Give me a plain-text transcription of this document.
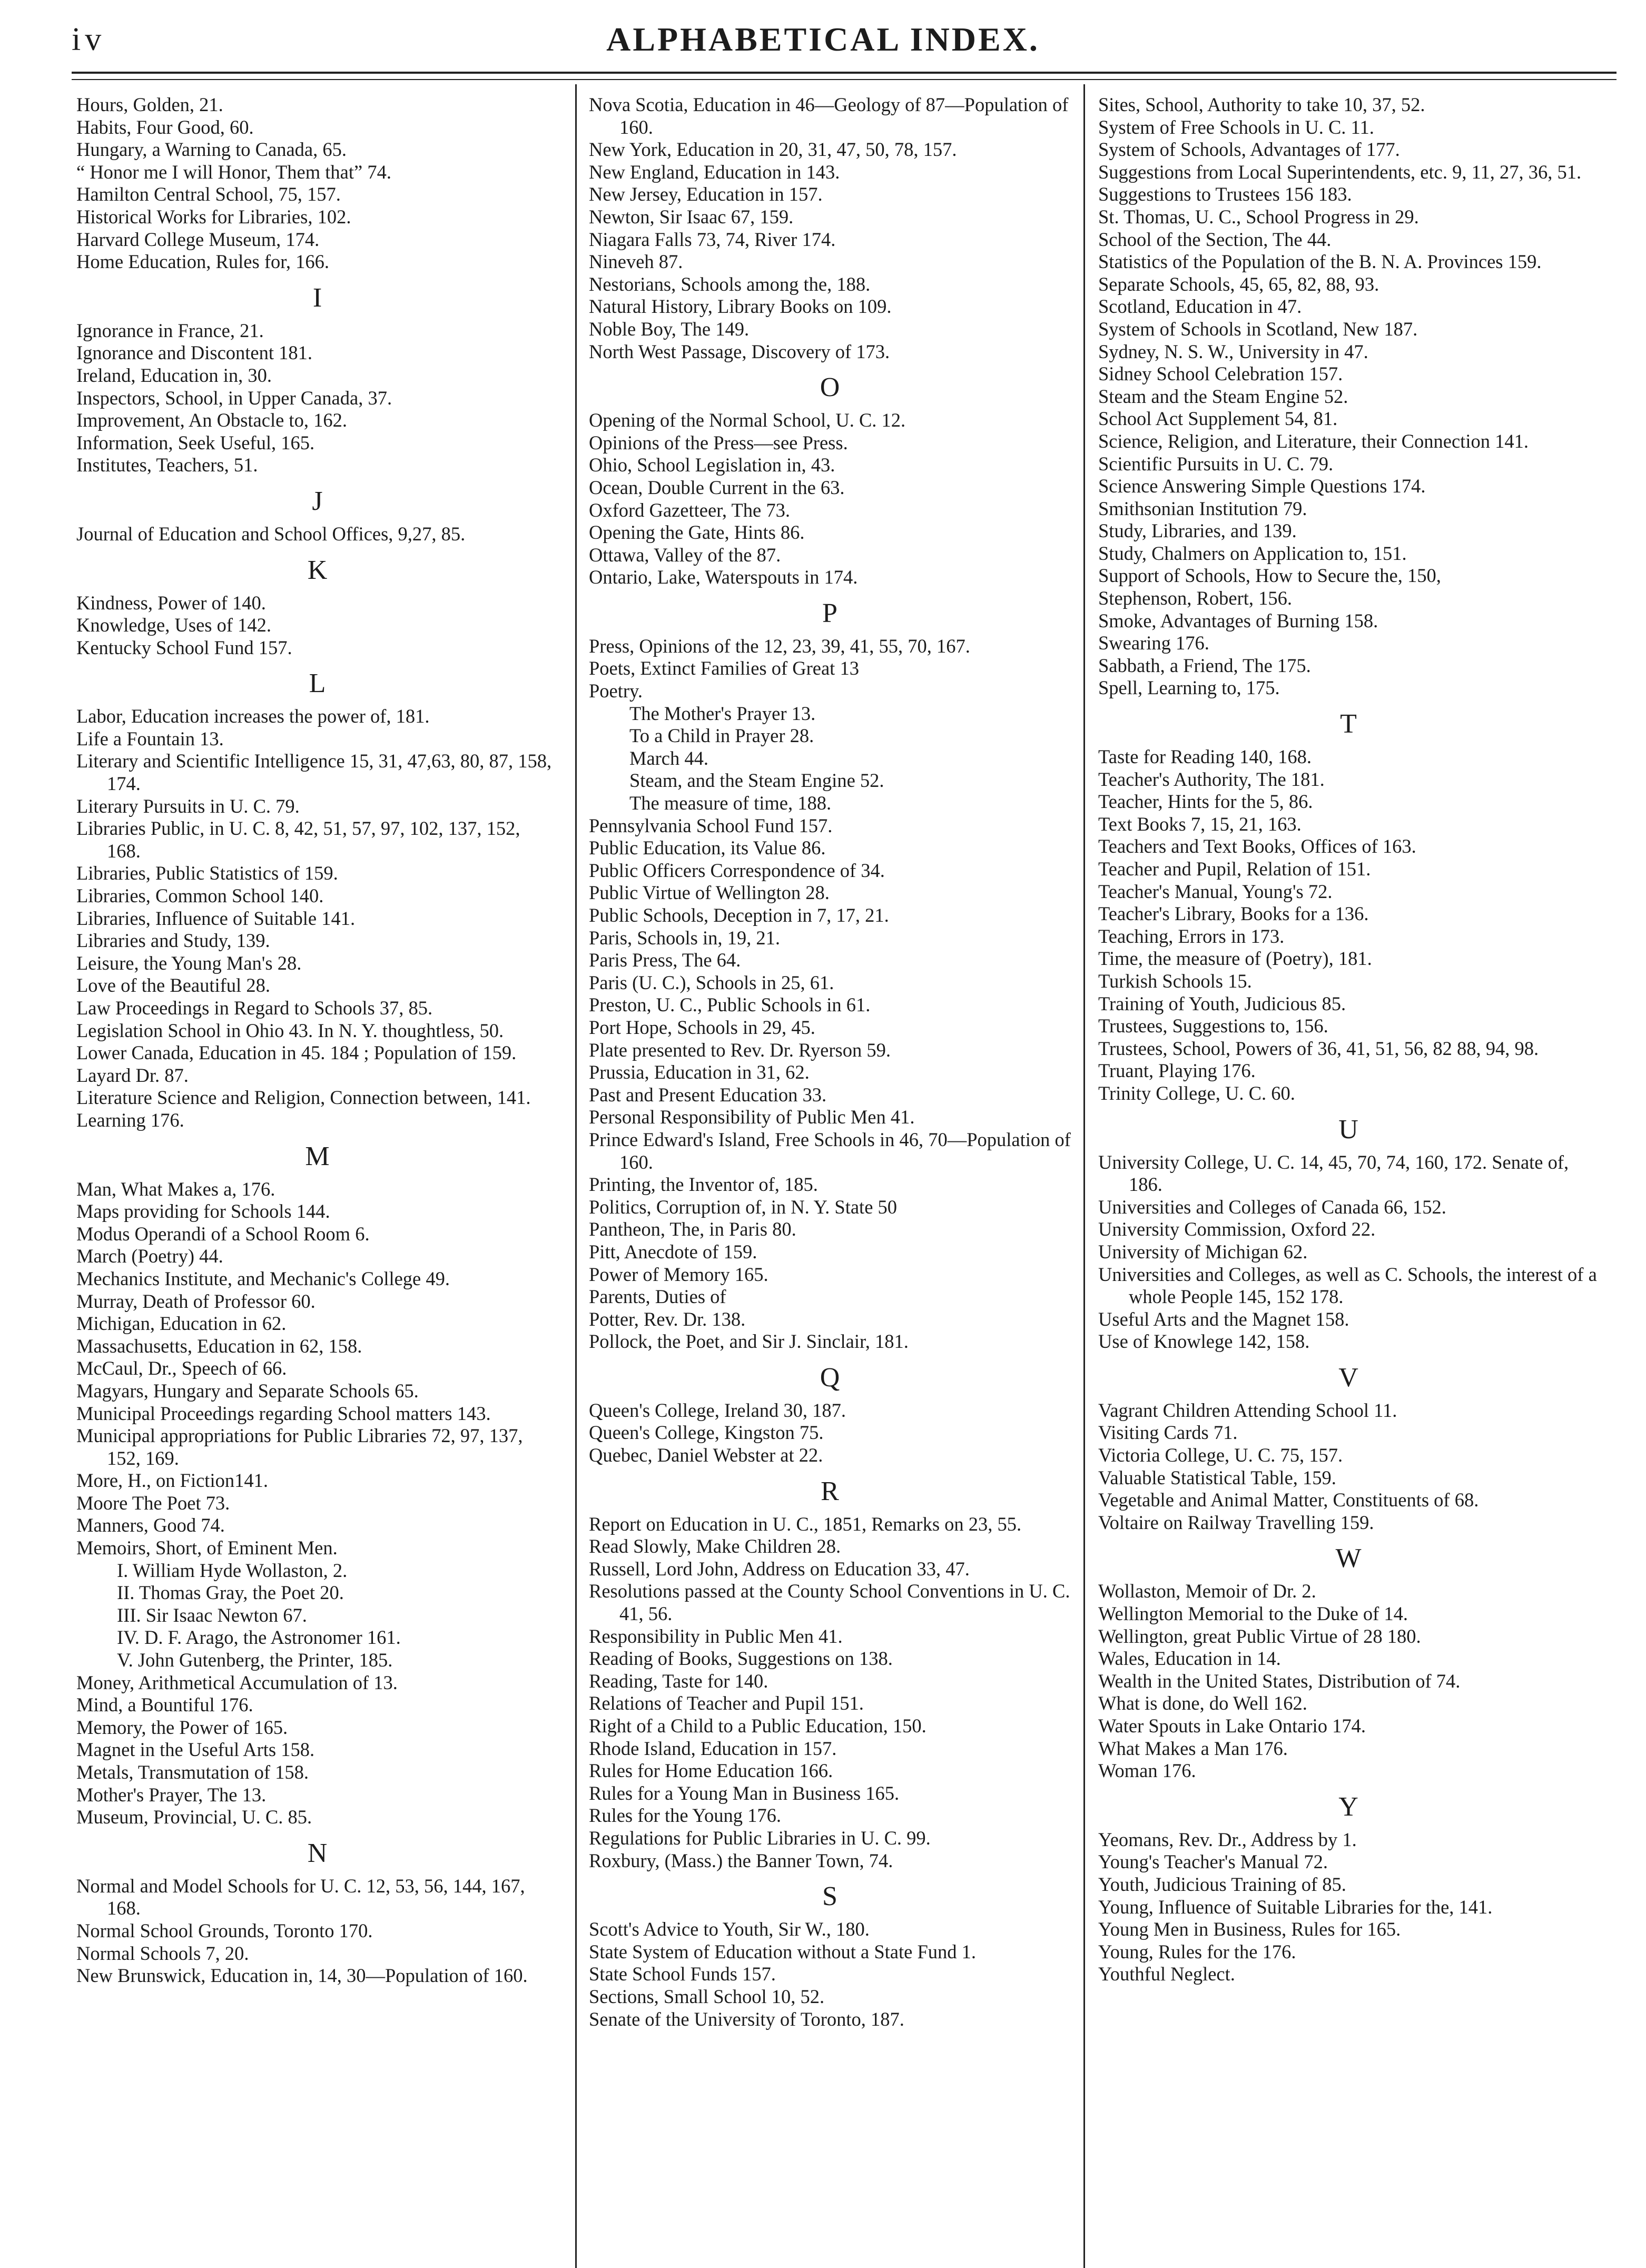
iv	ALPHABETICAL INDEX.
Hours, Golden, 21.
Habits, Four Good, 60.
Hungary, a Warning to Canada, 65.
“ Honor me I will Honor, Them that” 74.
Hamilton Central School, 75, 157.
Historical Works for Libraries, 102.
Harvard College Museum, 174.
Home Education, Rules for, 166.
I
Ignorance in France, 21.
Ignorance and Discontent 181.
Ireland, Education in, 30.
Inspectors, School, in Upper Canada, 37.
Improvement, An Obstacle to, 162.
Information, Seek Useful, 165.
Institutes, Teachers, 51.
J
Journal of Education and School Offices, 9,27, 85.
K
Kindness, Power of 140.
Knowledge, Uses of 142.
Kentucky School Fund 157.
L
Labor, Education increases the power of, 181.
Life a Fountain 13.
Literary and Scientific Intelligence 15, 31, 47,63, 80, 87, 158, 174.
Literary Pursuits in U. C. 79.
Libraries Public, in U. C. 8, 42, 51, 57, 97, 102, 137, 152, 168.
Libraries, Public Statistics of 159.
Libraries, Common School 140.
Libraries, Influence of Suitable 141.
Libraries and Study, 139.
Leisure, the Young Man's 28.
Love of the Beautiful 28.
Law Proceedings in Regard to Schools 37, 85.
Legislation School in Ohio 43. In N. Y. thoughtless, 50.
Lower Canada, Education in 45. 184 ; Population of 159.
Layard Dr. 87.
Literature Science and Religion, Connection between, 141.
Learning 176.
M
Man, What Makes a, 176.
Maps providing for Schools 144.
Modus Operandi of a School Room 6.
March (Poetry) 44.
Mechanics Institute, and Mechanic's College 49.
Murray, Death of Professor 60.
Michigan, Education in 62.
Massachusetts, Education in 62, 158.
McCaul, Dr., Speech of 66.
Magyars, Hungary and Separate Schools 65.
Municipal Proceedings regarding School matters 143.
Municipal appropriations for Public Libraries 72, 97, 137, 152, 169.
More, H., on Fiction141.
Moore The Poet 73.
Manners, Good 74.
Memoirs, Short, of Eminent Men.
I. William Hyde Wollaston, 2.
II. Thomas Gray, the Poet 20.
III. Sir Isaac Newton 67.
IV. D. F. Arago, the Astronomer 161.
V. John Gutenberg, the Printer, 185.
Money, Arithmetical Accumulation of 13.
Mind, a Bountiful 176.
Memory, the Power of 165.
Magnet in the Useful Arts 158.
Metals, Transmutation of 158.
Mother's Prayer, The 13.
Museum, Provincial, U. C. 85.
N
Normal and Model Schools for U. C. 12, 53, 56, 144, 167, 168.
Normal School Grounds, Toronto 170.
Normal Schools 7, 20.
New Brunswick, Education in, 14, 30—Population of 160.
Nova Scotia, Education in 46—Geology of 87—Population of 160.
New York, Education in 20, 31, 47, 50, 78, 157.
New England, Education in 143.
New Jersey, Education in 157.
Newton, Sir Isaac 67, 159.
Niagara Falls 73, 74, River 174.
Nineveh 87.
Nestorians, Schools among the, 188.
Natural History, Library Books on 109.
Noble Boy, The 149.
North West Passage, Discovery of 173.
O
Opening of the Normal School, U. C. 12.
Opinions of the Press—see Press.
Ohio, School Legislation in, 43.
Ocean, Double Current in the 63.
Oxford Gazetteer, The 73.
Opening the Gate, Hints 86.
Ottawa, Valley of the 87.
Ontario, Lake, Waterspouts in 174.
P
Press, Opinions of the 12, 23, 39, 41, 55, 70, 167.
Poets, Extinct Families of Great 13
Poetry.
The Mother's Prayer 13.
To a Child in Prayer 28.
March 44.
Steam, and the Steam Engine 52.
The measure of time, 188.
Pennsylvania School Fund 157.
Public Education, its Value 86.
Public Officers Correspondence of 34.
Public Virtue of Wellington 28.
Public Schools, Deception in 7, 17, 21.
Paris, Schools in, 19, 21.
Paris Press, The 64.
Paris (U. C.), Schools in 25, 61.
Preston, U. C., Public Schools in 61.
Port Hope, Schools in 29, 45.
Plate presented to Rev. Dr. Ryerson 59.
Prussia, Education in 31, 62.
Past and Present Education 33.
Personal Responsibility of Public Men 41.
Prince Edward's Island, Free Schools in 46, 70—Population of 160.
Printing, the Inventor of, 185.
Politics, Corruption of, in N. Y. State 50
Pantheon, The, in Paris 80.
Pitt, Anecdote of 159.
Power of Memory 165.
Parents, Duties of
Potter, Rev. Dr. 138.
Pollock, the Poet, and Sir J. Sinclair, 181.
Q
Queen's College, Ireland 30, 187.
Queen's College, Kingston 75.
Quebec, Daniel Webster at 22.
R
Report on Education in U. C., 1851, Remarks on 23, 55.
Read Slowly, Make Children 28.
Russell, Lord John, Address on Education 33, 47.
Resolutions passed at the County School Conventions in U. C. 41, 56.
Responsibility in Public Men 41.
Reading of Books, Suggestions on 138.
Reading, Taste for 140.
Relations of Teacher and Pupil 151.
Right of a Child to a Public Education, 150.
Rhode Island, Education in 157.
Rules for Home Education 166.
Rules for a Young Man in Business 165.
Rules for the Young 176.
Regulations for Public Libraries in U. C. 99.
Roxbury, (Mass.) the Banner Town, 74.
S
Scott's Advice to Youth, Sir W., 180.
State System of Education without a State Fund 1.
State School Funds 157.
Sections, Small School 10, 52.
Senate of the University of Toronto, 187.
Sites, School, Authority to take 10, 37, 52.
System of Free Schools in U. C. 11.
System of Schools, Advantages of 177.
Suggestions from Local Superintendents, etc. 9, 11, 27, 36, 51.
Suggestions to Trustees 156 183.
St. Thomas, U. C., School Progress in 29.
School of the Section, The 44.
Statistics of the Population of the B. N. A. Provinces 159.
Separate Schools, 45, 65, 82, 88, 93.
Scotland, Education in 47.
System of Schools in Scotland, New 187.
Sydney, N. S. W., University in 47.
Sidney School Celebration 157.
Steam and the Steam Engine 52.
School Act Supplement 54, 81.
Science, Religion, and Literature, their Connection 141.
Scientific Pursuits in U. C. 79.
Science Answering Simple Questions 174.
Smithsonian Institution 79.
Study, Libraries, and 139.
Study, Chalmers on Application to, 151.
Support of Schools, How to Secure the, 150,
Stephenson, Robert, 156.
Smoke, Advantages of Burning 158.
Swearing 176.
Sabbath, a Friend, The 175.
Spell, Learning to, 175.
T
Taste for Reading 140, 168.
Teacher's Authority, The 181.
Teacher, Hints for the 5, 86.
Text Books 7, 15, 21, 163.
Teachers and Text Books, Offices of 163.
Teacher and Pupil, Relation of 151.
Teacher's Manual, Young's 72.
Teacher's Library, Books for a 136.
Teaching, Errors in 173.
Time, the measure of (Poetry), 181.
Turkish Schools 15.
Training of Youth, Judicious 85.
Trustees, Suggestions to, 156.
Trustees, School, Powers of 36, 41, 51, 56, 82 88, 94, 98.
Truant, Playing 176.
Trinity College, U. C. 60.
U
University College, U. C. 14, 45, 70, 74, 160, 172. Senate of, 186.
Universities and Colleges of Canada 66, 152.
University Commission, Oxford 22.
University of Michigan 62.
Universities and Colleges, as well as C. Schools, the interest of a whole People 145, 152 178.
Useful Arts and the Magnet 158.
Use of Knowlege 142, 158.
V
Vagrant Children Attending School 11.
Visiting Cards 71.
Victoria College, U. C. 75, 157.
Valuable Statistical Table, 159.
Vegetable and Animal Matter, Constituents of 68.
Voltaire on Railway Travelling 159.
W
Wollaston, Memoir of Dr. 2.
Wellington Memorial to the Duke of 14.
Wellington, great Public Virtue of 28 180.
Wales, Education in 14.
Wealth in the United States, Distribution of 74.
What is done, do Well 162.
Water Spouts in Lake Ontario 174.
What Makes a Man 176.
Woman 176.
Y
Yeomans, Rev. Dr., Address by 1.
Young's Teacher's Manual 72.
Youth, Judicious Training of 85.
Young, Influence of Suitable Libraries for the, 141.
Young Men in Business, Rules for 165.
Young, Rules for the 176.
Youthful Neglect.
